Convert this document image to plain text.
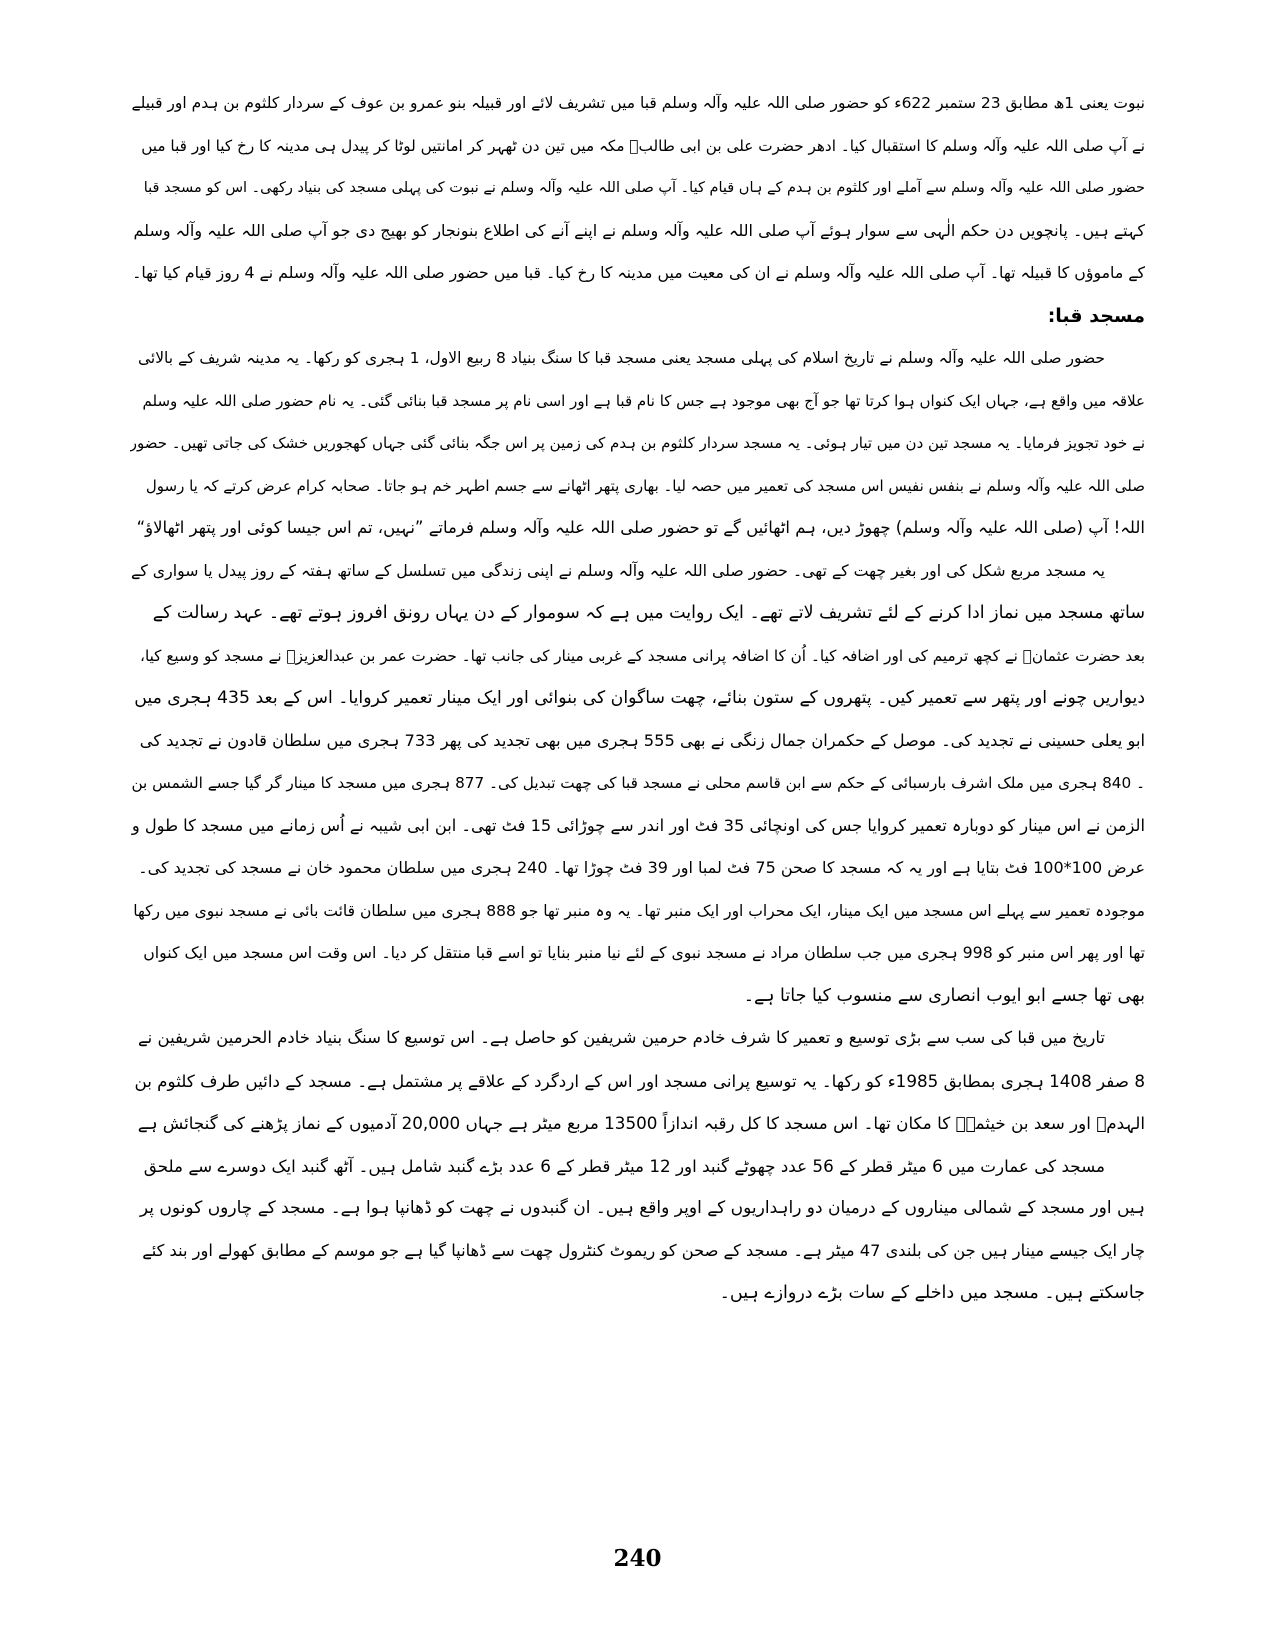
نبوت یعنی 1ھ مطابق 23 ستمبر 622ء کو حضور صلی اللہ علیہ وآلہ وسلم قبا میں تشریف لائے اور قبیلہ بنو عمرو بن عوف کے سردار کلثوم بن ہدم اور قبیلے
نے آپ صلی اللہ علیہ وآلہ وسلم کا استقبال کیا۔ ادھر حضرت علی بن ابی طالبؓ مکہ میں تین دن ٹھہر کر امانتیں لوٹا کر پیدل ہی مدینہ کا رخ کیا اور قبا میں
حضور صلی اللہ علیہ وآلہ وسلم سے آملے اور کلثوم بن ہدم کے ہاں قیام کیا۔ آپ صلی اللہ علیہ وآلہ وسلم نے نبوت کی پہلی مسجد کی بنیاد رکھی۔ اس کو مسجد قبا
کہتے ہیں۔ پانچویں دن حکم الٰہی سے سوار ہوئے آپ صلی اللہ علیہ وآلہ وسلم نے اپنے آنے کی اطلاع بنونجار کو بھیج دی جو آپ صلی اللہ علیہ وآلہ وسلم
کے ماموؤں کا قبیلہ تھا۔ آپ صلی اللہ علیہ وآلہ وسلم نے ان کی معیت میں مدینہ کا رخ کیا۔ قبا میں حضور صلی اللہ علیہ وآلہ وسلم نے 4 روز قیام کیا تھا۔
مسجد قبا:
حضور صلی اللہ علیہ وآلہ وسلم نے تاریخ اسلام کی پہلی مسجد یعنی مسجد قبا کا سنگ بنیاد 8 ربیع الاول، 1 ہجری کو رکھا۔ یہ مدینہ شریف کے بالائی
علاقہ میں واقع ہے، جہاں ایک کنواں ہوا کرتا تھا جو آج بھی موجود ہے جس کا نام قبا ہے اور اسی نام پر مسجد قبا بنائی گئی۔ یہ نام حضور صلی اللہ علیہ وسلم
نے خود تجویز فرمایا۔ یہ مسجد تین دن میں تیار ہوئی۔ یہ مسجد سردار کلثوم بن ہدم کی زمین پر اس جگہ بنائی گئی جہاں کھجوریں خشک کی جاتی تھیں۔ حضور
صلی اللہ علیہ وآلہ وسلم نے بنفس نفیس اس مسجد کی تعمیر میں حصہ لیا۔ بھاری پتھر اٹھانے سے جسم اطہر خم ہو جاتا۔ صحابہ کرام عرض کرتے کہ یا رسول
اللہ! آپ (صلی اللہ علیہ وآلہ وسلم) چھوڑ دیں، ہم اٹھائیں گے تو حضور صلی اللہ علیہ وآلہ وسلم فرماتے ”نہیں، تم اس جیسا کوئی اور پتھر اٹھالاؤ“
یہ مسجد مربع شکل کی اور بغیر چھت کے تھی۔ حضور صلی اللہ علیہ وآلہ وسلم نے اپنی زندگی میں تسلسل کے ساتھ ہفتہ کے روز پیدل یا سواری کے
ساتھ مسجد میں نماز ادا کرنے کے لئے تشریف لاتے تھے۔ ایک روایت میں ہے کہ سوموار کے دن یہاں رونق افروز ہوتے تھے۔ عہد رسالت کے
بعد حضرت عثمانؓ نے کچھ ترمیم کی اور اضافہ کیا۔ اُن کا اضافہ پرانی مسجد کے غربی مینار کی جانب تھا۔ حضرت عمر بن عبدالعزیزؒ نے مسجد کو وسیع کیا،
دیواریں چونے اور پتھر سے تعمیر کیں۔ پتھروں کے ستون بنائے، چھت ساگوان کی بنوائی اور ایک مینار تعمیر کروایا۔ اس کے بعد 435 ہجری میں
ابو یعلی حسینی نے تجدید کی۔ موصل کے حکمران جمال زنگی نے بھی 555 ہجری میں بھی تجدید کی پھر 733 ہجری میں سلطان قادون نے تجدید کی
۔ 840 ہجری میں ملک اشرف بارسبائی کے حکم سے ابن قاسم محلی نے مسجد قبا کی چھت تبدیل کی۔ 877 ہجری میں مسجد کا مینار گر گیا جسے الشمس بن
الزمن نے اس مینار کو دوبارہ تعمیر کروایا جس کی اونچائی 35 فٹ اور اندر سے چوڑائی 15 فٹ تھی۔ ابن ابی شیبہ نے اُس زمانے میں مسجد کا طول و
عرض 100*100 فٹ بتایا ہے اور یہ کہ مسجد کا صحن 75 فٹ لمبا اور 39 فٹ چوڑا تھا۔ 240 ہجری میں سلطان محمود خان نے مسجد کی تجدید کی۔
موجودہ تعمیر سے پہلے اس مسجد میں ایک مینار، ایک محراب اور ایک منبر تھا۔ یہ وہ منبر تھا جو 888 ہجری میں سلطان قائت بائی نے مسجد نبوی میں رکھا
تھا اور پھر اس منبر کو 998 ہجری میں جب سلطان مراد نے مسجد نبوی کے لئے نیا منبر بنایا تو اسے قبا منتقل کر دیا۔ اس وقت اس مسجد میں ایک کنواں
بھی تھا جسے ابو ایوب انصاری سے منسوب کیا جاتا ہے۔
تاریخ میں قبا کی سب سے بڑی توسیع و تعمیر کا شرف خادم حرمین شریفین کو حاصل ہے۔ اس توسیع کا سنگ بنیاد خادم الحرمین شریفین نے
8 صفر 1408 ہجری بمطابق 1985ء کو رکھا۔ یہ توسیع پرانی مسجد اور اس کے اردگرد کے علاقے پر مشتمل ہے۔ مسجد کے دائیں طرف کلثوم بن
الہدمؓ اور سعد بن خیثمہؓ کا مکان تھا۔ اس مسجد کا کل رقبہ اندازاً 13500 مربع میٹر ہے جہاں 20,000 آدمیوں کے نماز پڑھنے کی گنجائش ہے
مسجد کی عمارت میں 6 میٹر قطر کے 56 عدد چھوٹے گنبد اور 12 میٹر قطر کے 6 عدد بڑے گنبد شامل ہیں۔ آٹھ گنبد ایک دوسرے سے ملحق
ہیں اور مسجد کے شمالی میناروں کے درمیان دو راہداریوں کے اوپر واقع ہیں۔ ان گنبدوں نے چھت کو ڈھانپا ہوا ہے۔ مسجد کے چاروں کونوں پر
چار ایک جیسے مینار ہیں جن کی بلندی 47 میٹر ہے۔ مسجد کے صحن کو ریموٹ کنٹرول چھت سے ڈھانپا گیا ہے جو موسم کے مطابق کھولے اور بند کئے
جاسکتے ہیں۔ مسجد میں داخلے کے سات بڑے دروازے ہیں۔
240
